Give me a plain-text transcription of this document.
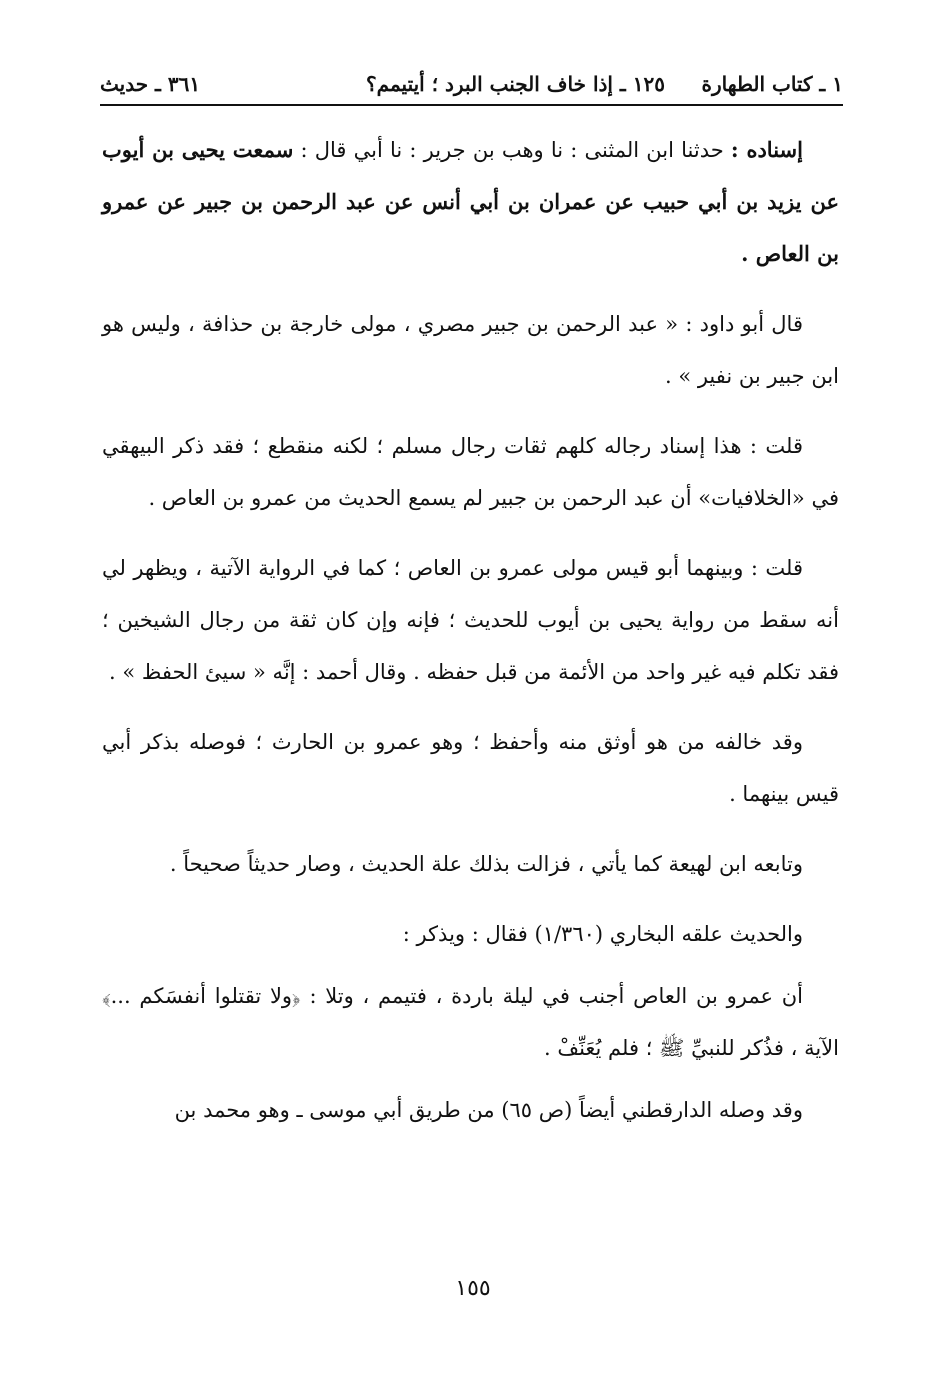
١ ـ كتاب الطهارة
١٢٥ ـ إذا خاف الجنب البرد ؛ أيتيمم؟
٣٦١ ـ حديث

إسناده : حدثنا ابن المثنى : نا وهب بن جرير : نا أبي قال : سمعت يحيى بن أيوب عن يزيد بن أبي حبيب عن عمران بن أبي أنس عن عبد الرحمن بن جبير عن عمرو بن العاص .

قال أبو داود : « عبد الرحمن بن جبير مصري ، مولى خارجة بن حذافة ، وليس هو ابن جبير بن نفير » .

قلت : هذا إسناد رجاله كلهم ثقات رجال مسلم ؛ لكنه منقطع ؛ فقد ذكر البيهقي في «الخلافيات» أن عبد الرحمن بن جبير لم يسمع الحديث من عمرو بن العاص .

قلت : وبينهما أبو قيس مولى عمرو بن العاص ؛ كما في الرواية الآتية ، ويظهر لي أنه سقط من رواية يحيى بن أيوب للحديث ؛ فإنه وإن كان ثقة من رجال الشيخين ؛ فقد تكلم فيه غير واحد من الأئمة من قبل حفظه . وقال أحمد : إنَّه « سيئ الحفظ » .

وقد خالفه من هو أوثق منه وأحفظ ؛ وهو عمرو بن الحارث ؛ فوصله بذكر أبي قيس بينهما .

وتابعه ابن لهيعة كما يأتي ، فزالت بذلك علة الحديث ، وصار حديثاً صحيحاً .

والحديث علقه البخاري (١/٣٦٠) فقال : ويذكر :

أن عمرو بن العاص أجنب في ليلة باردة ، فتيمم ، وتلا : ﴿ولا تقتلوا أنفسَكم ...﴾ الآية ، فذُكر للنبيِّ ﷺ ؛ فلم يُعَنِّفْ .

وقد وصله الدارقطني أيضاً (ص ٦٥) من طريق أبي موسى ـ وهو محمد بن

١٥٥
